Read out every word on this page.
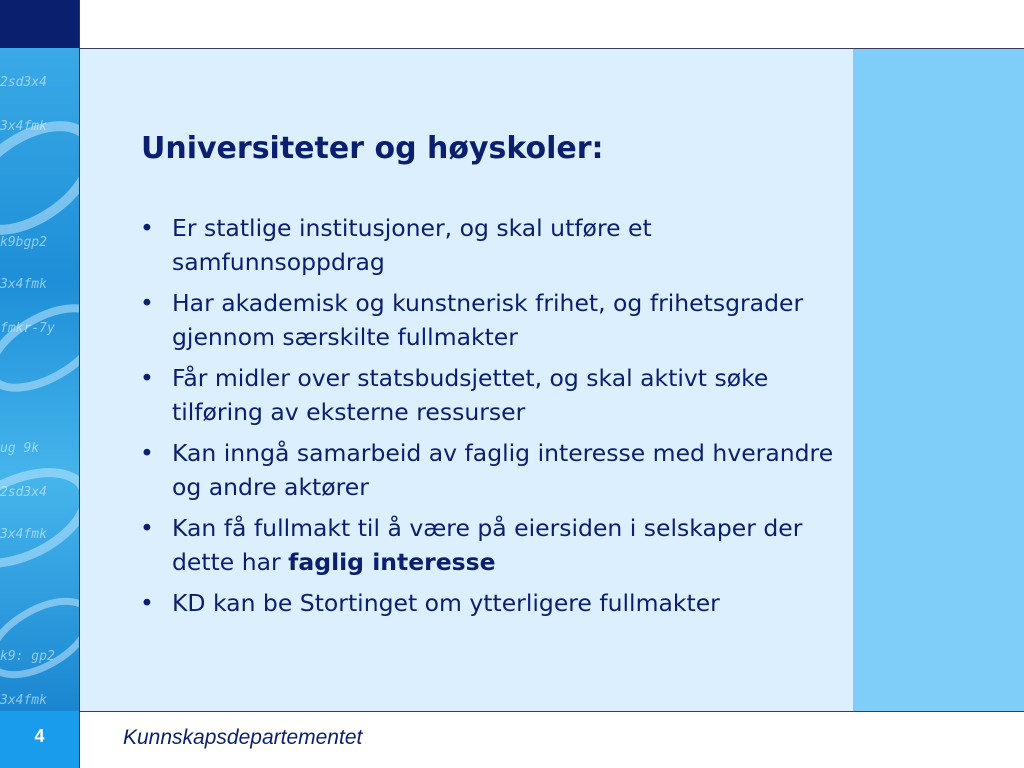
2sd3x4
3x4fmk
k9bgp2
3x4fmk
fmkr-7y
ug 9k
2sd3x4
3x4fmk
k9: gp2
3x4fmk
Universiteter og høyskoler:
• Er statlige institusjoner, og skal utføre et samfunnsoppdrag
• Har akademisk og kunstnerisk frihet, og frihetsgrader gjennom særskilte fullmakter
• Får midler over statsbudsjettet, og skal aktivt søke tilføring av eksterne ressurser
• Kan inngå samarbeid av faglig interesse med hverandre og andre aktører
• Kan få fullmakt til å være på eiersiden i selskaper der dette har faglig interesse
• KD kan be Stortinget om ytterligere fullmakter
4	Kunnskapsdepartementet
